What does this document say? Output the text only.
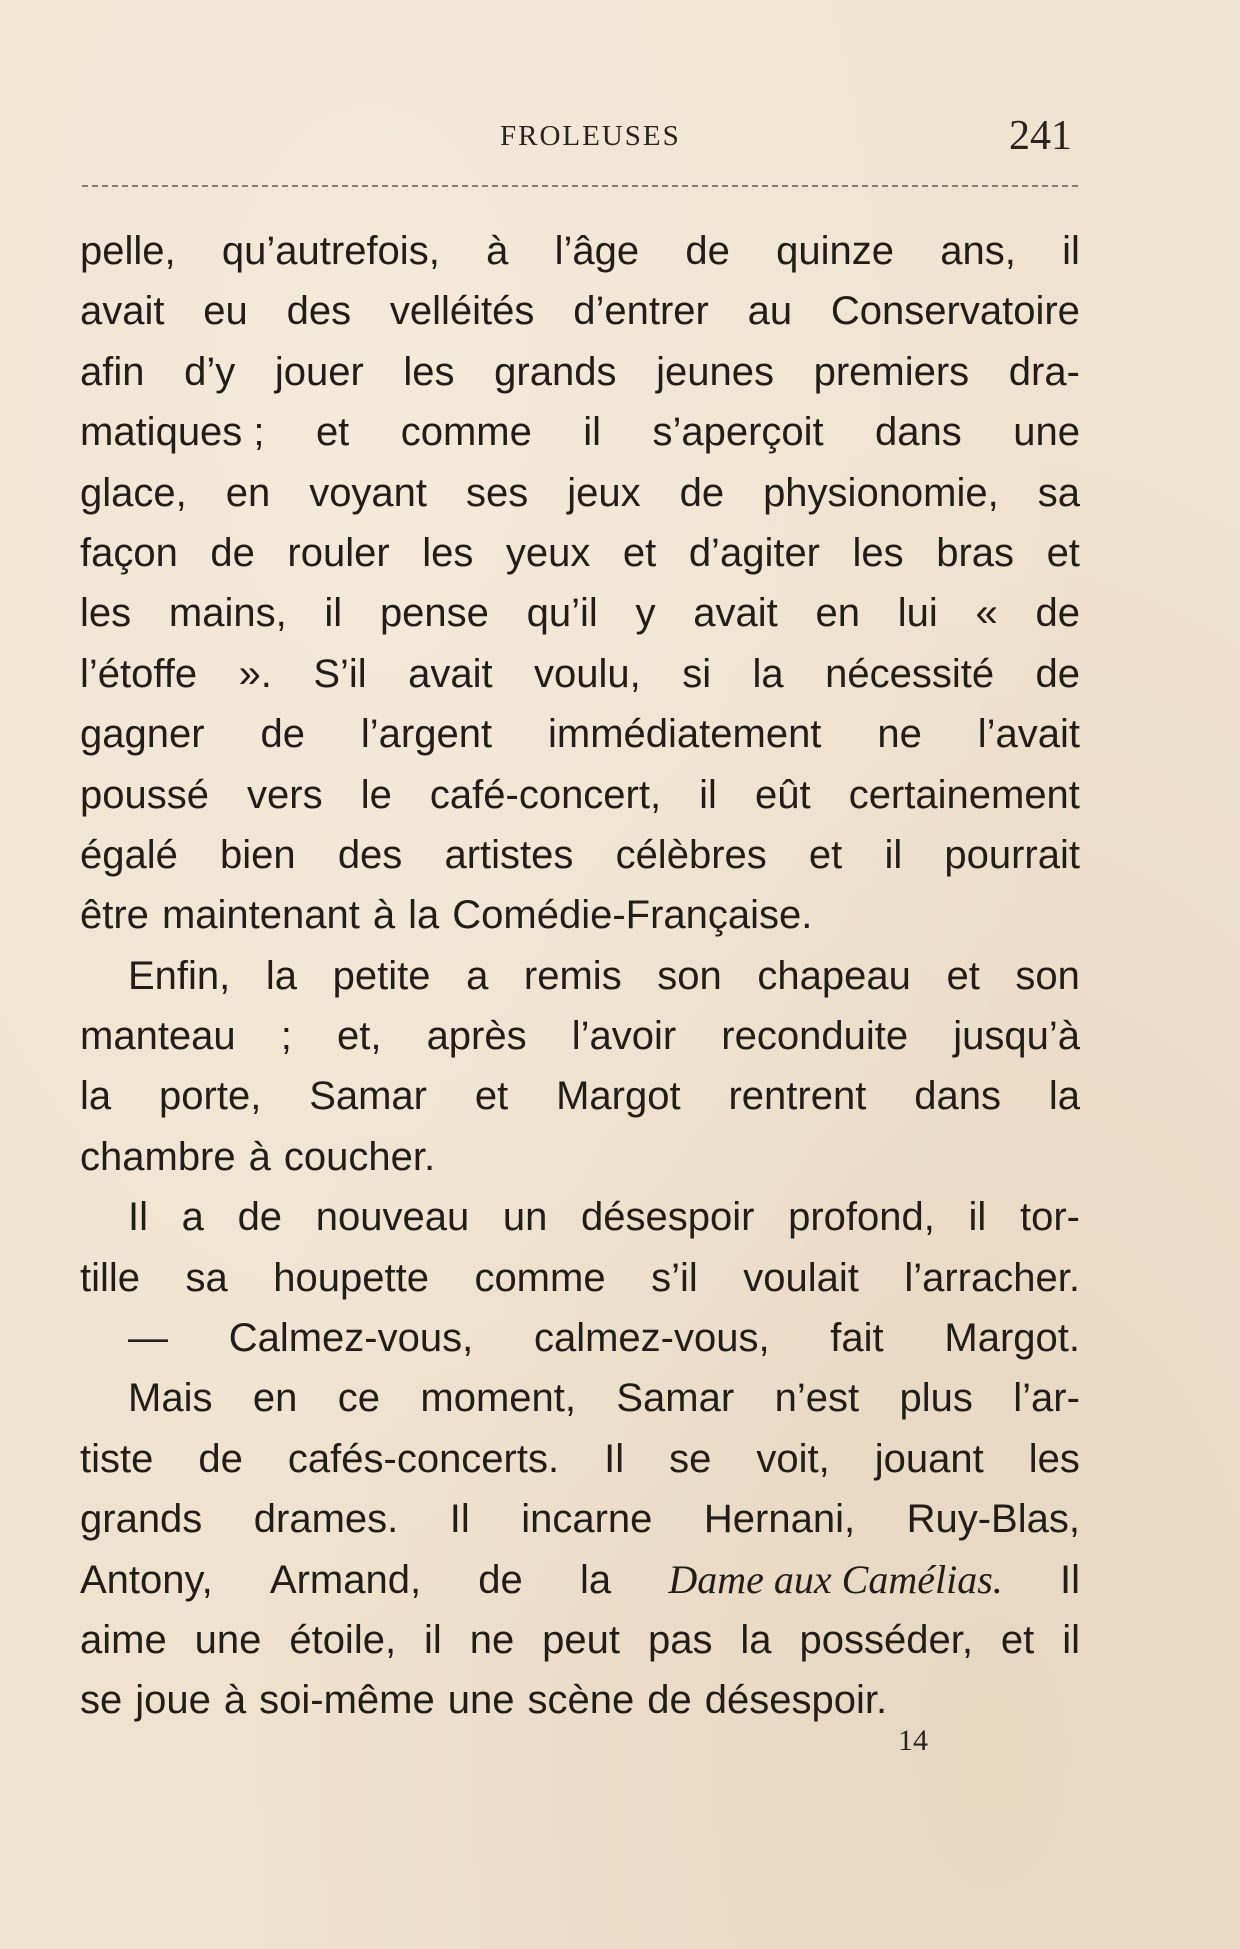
FROLEUSES	241
pelle, qu’autrefois, à l’âge de quinze ans, il
avait eu des velléités d’entrer au Conservatoire
afin d’y jouer les grands jeunes premiers dra-
matiques ; et comme il s’aperçoit dans une
glace, en voyant ses jeux de physionomie, sa
façon de rouler les yeux et d’agiter les bras et
les mains, il pense qu’il y avait en lui « de
l’étoffe ». S’il avait voulu, si la nécessité de
gagner de l’argent immédiatement ne l’avait
poussé vers le café-concert, il eût certainement
égalé bien des artistes célèbres et il pourrait
être maintenant à la Comédie-Française.
Enfin, la petite a remis son chapeau et son
manteau ; et, après l’avoir reconduite jusqu’à
la porte, Samar et Margot rentrent dans la
chambre à coucher.
Il a de nouveau un désespoir profond, il tor-
tille sa houpette comme s’il voulait l’arracher.
— Calmez-vous, calmez-vous, fait Margot.
Mais en ce moment, Samar n’est plus l’ar-
tiste de cafés-concerts. Il se voit, jouant les
grands drames. Il incarne Hernani, Ruy-Blas,
Antony, Armand, de la Dame aux Camélias. Il
aime une étoile, il ne peut pas la posséder, et il
se joue à soi-même une scène de désespoir.
14
